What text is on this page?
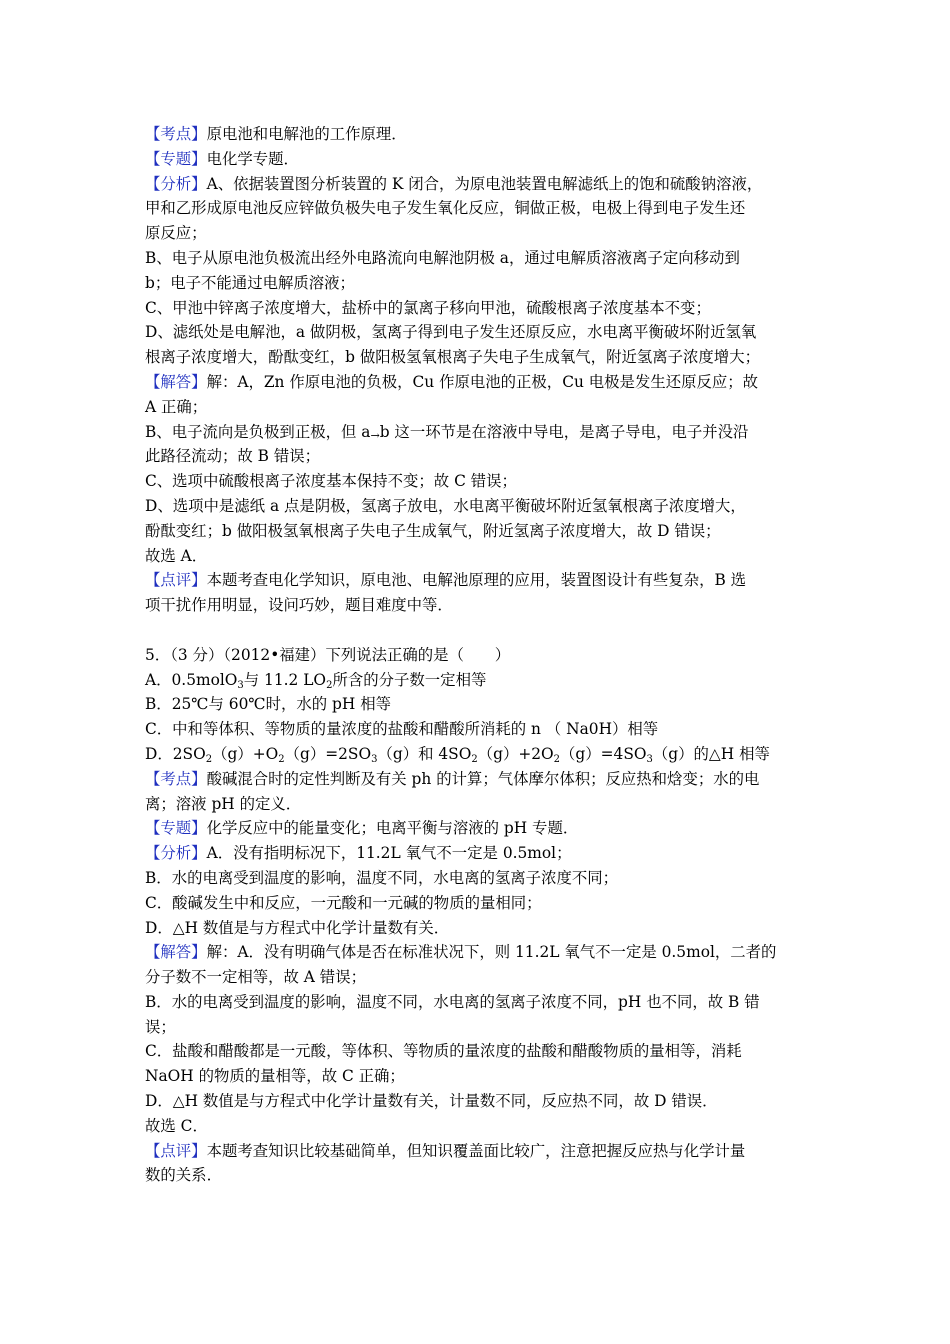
【考点】原电池和电解池的工作原理．
【专题】电化学专题．
【分析】A、依据装置图分析装置的 K 闭合，为原电池装置电解滤纸上的饱和硫酸钠溶液，
甲和乙形成原电池反应锌做负极失电子发生氧化反应，铜做正极，电极上得到电子发生还
原反应；
B、电子从原电池负极流出经外电路流向电解池阴极 a，通过电解质溶液离子定向移动到
b；电子不能通过电解质溶液；
C、甲池中锌离子浓度增大，盐桥中的氯离子移向甲池，硫酸根离子浓度基本不变；
D、滤纸处是电解池，a 做阴极，氢离子得到电子发生还原反应，水电离平衡破坏附近氢氧
根离子浓度增大，酚酞变红，b 做阳极氢氧根离子失电子生成氧气，附近氢离子浓度增大；
【解答】解：A，Zn 作原电池的负极，Cu 作原电池的正极，Cu 电极是发生还原反应；故
A 正确；
B、电子流向是负极到正极，但 a→b 这一环节是在溶液中导电，是离子导电，电子并没沿
此路径流动；故 B 错误；
C、选项中硫酸根离子浓度基本保持不变；故 C 错误；
D、选项中是滤纸 a 点是阴极，氢离子放电，水电离平衡破坏附近氢氧根离子浓度增大，
酚酞变红；b 做阳极氢氧根离子失电子生成氧气，附近氢离子浓度增大，故 D 错误；
故选 A．
【点评】本题考查电化学知识，原电池、电解池原理的应用，装置图设计有些复杂，B 选
项干扰作用明显，设问巧妙，题目难度中等．
5．（3 分）（2012•福建）下列说法正确的是（　　）
A．0.5molO$_3$与 11.2 $LO_2$所含的分子数一定相等
B．25℃与 60℃时，水的 pH 相等
C．中和等体积、等物质的量浓度的盐酸和醋酸所消耗的 n （ Na0H）相等
D．$2SO_2(g)+O_2(g)=2SO_3(g)$和 $4SO_2(g)+2O_2(g)=4SO_3(g)$的△H 相等
【考点】酸碱混合时的定性判断及有关 ph 的计算；气体摩尔体积；反应热和焓变；水的电
离；溶液 pH 的定义．
【专题】化学反应中的能量变化；电离平衡与溶液的 pH 专题．
【分析】A．没有指明标况下，11.2L 氧气不一定是 0.5mol；
B．水的电离受到温度的影响，温度不同，水电离的氢离子浓度不同；
C．酸碱发生中和反应，一元酸和一元碱的物质的量相同；
D．△H 数值是与方程式中化学计量数有关．
【解答】解：A．没有明确气体是否在标准状况下，则 11.2L 氧气不一定是 0.5mol，二者的
分子数不一定相等，故 A 错误；
B．水的电离受到温度的影响，温度不同，水电离的氢离子浓度不同，pH 也不同，故 B 错
误；
C．盐酸和醋酸都是一元酸，等体积、等物质的量浓度的盐酸和醋酸物质的量相等，消耗
NaOH 的物质的量相等，故 C 正确；
D．△H 数值是与方程式中化学计量数有关，计量数不同，反应热不同，故 D 错误．
故选 C．
【点评】本题考查知识比较基础简单，但知识覆盖面比较广，注意把握反应热与化学计量
数的关系．
